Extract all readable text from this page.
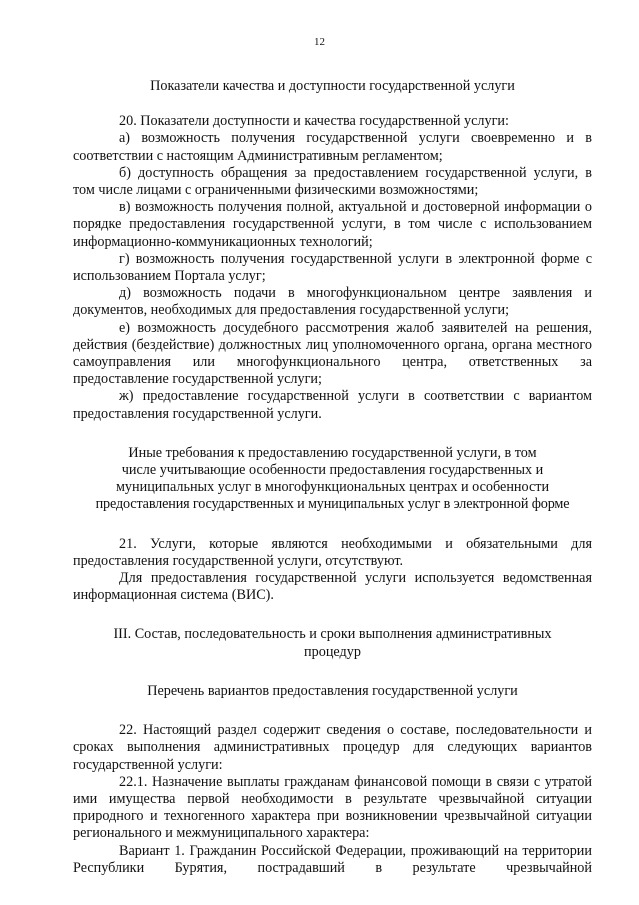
12

Показатели качества и доступности государственной услуги

20. Показатели доступности и качества государственной услуги:

а) возможность получения государственной услуги своевременно и в соответствии с настоящим Административным регламентом;

б) доступность обращения за предоставлением государственной услуги, в том числе лицами с ограниченными физическими возможностями;

в) возможность получения полной, актуальной и достоверной информации о порядке предоставления государственной услуги, в том числе с использованием информационно-коммуникационных технологий;

г) возможность получения государственной услуги в электронной форме с использованием Портала услуг;

д) возможность подачи в многофункциональном центре заявления и документов, необходимых для предоставления государственной услуги;

е) возможность досудебного рассмотрения жалоб заявителей на решения, действия (бездействие) должностных лиц уполномоченного органа, органа местного самоуправления или многофункционального центра, ответственных за предоставление государственной услуги;

ж) предоставление государственной услуги в соответствии с вариантом предоставления государственной услуги.

Иные требования к предоставлению государственной услуги, в том

числе учитывающие особенности предоставления государственных и

муниципальных услуг в многофункциональных центрах и особенности

предоставления государственных и муниципальных услуг в электронной форме

21. Услуги, которые являются необходимыми и обязательными для предоставления государственной услуги, отсутствуют.

Для предоставления государственной услуги используется ведомственная информационная система (ВИС).

III. Состав, последовательность и сроки выполнения административных

процедур

Перечень вариантов предоставления государственной услуги

22. Настоящий раздел содержит сведения о составе, последовательности и сроках выполнения административных процедур для следующих вариантов государственной услуги:

22.1. Назначение выплаты гражданам финансовой помощи в связи с утратой ими имущества первой необходимости в результате чрезвычайной ситуации природного и техногенного характера при возникновении чрезвычайной ситуации регионального и межмуниципального характера:

Вариант 1. Гражданин Российской Федерации, проживающий на территории Республики Бурятия, пострадавший в результате чрезвычайной
